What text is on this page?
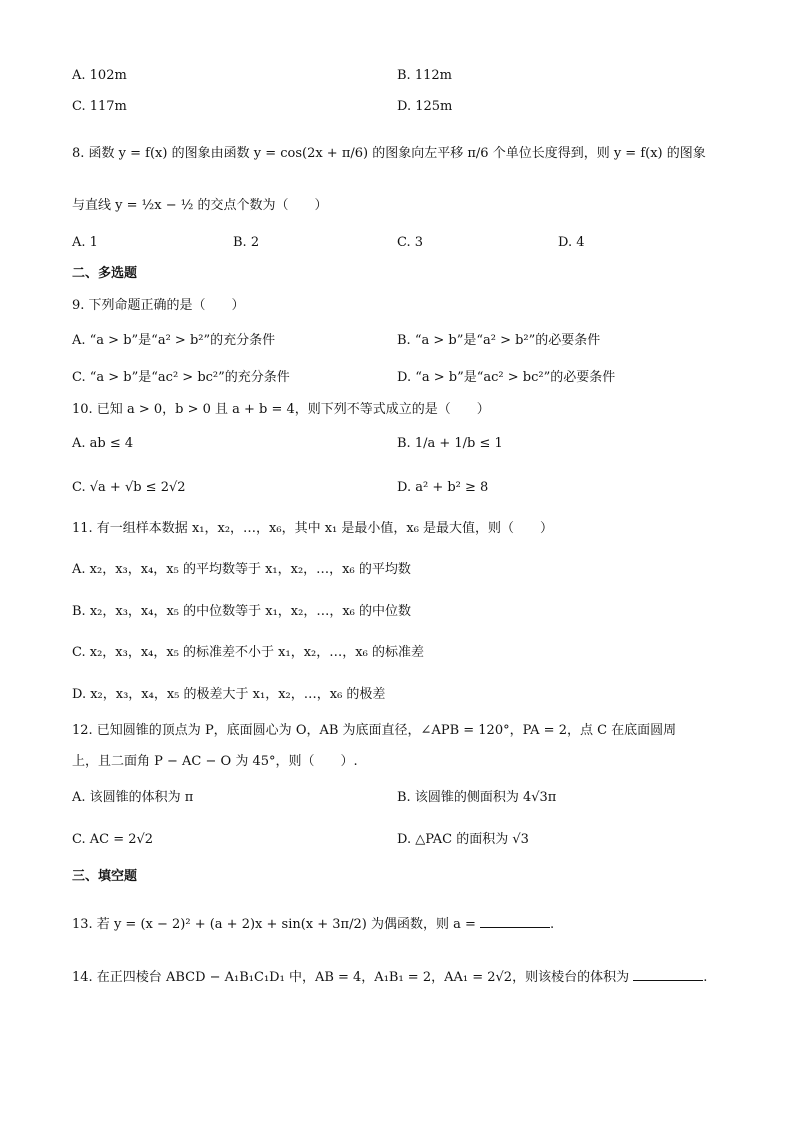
A. 102m	B. 112m
C. 117m	D. 125m
8. 函数 y = f(x) 的图象由函数 y = cos(2x + π/6) 的图象向左平移 π/6 个单位长度得到，则 y = f(x) 的图象
与直线 y = ½x − ½ 的交点个数为（　　）
A. 1	B. 2	C. 3	D. 4
二、多选题
9. 下列命题正确的是（　　）
A. “a > b”是“a² > b²”的充分条件	B. “a > b”是“a² > b²”的必要条件
C. “a > b”是“ac² > bc²”的充分条件	D. “a > b”是“ac² > bc²”的必要条件
10. 已知 a > 0，b > 0 且 a + b = 4，则下列不等式成立的是（　　）
A. ab ≤ 4	B. 1/a + 1/b ≤ 1
C. √a + √b ≤ 2√2	D. a² + b² ≥ 8
11. 有一组样本数据 x₁，x₂，…，x₆，其中 x₁ 是最小值，x₆ 是最大值，则（　　）
A. x₂，x₃，x₄，x₅ 的平均数等于 x₁，x₂，…，x₆ 的平均数
B. x₂，x₃，x₄，x₅ 的中位数等于 x₁，x₂，…，x₆ 的中位数
C. x₂，x₃，x₄，x₅ 的标准差不小于 x₁，x₂，…，x₆ 的标准差
D. x₂，x₃，x₄，x₅ 的极差大于 x₁，x₂，…，x₆ 的极差
12. 已知圆锥的顶点为 P，底面圆心为 O，AB 为底面直径，∠APB = 120°，PA = 2，点 C 在底面圆周
上，且二面角 P − AC − O 为 45°，则（　　）.
A. 该圆锥的体积为 π	B. 该圆锥的侧面积为 4√3π
C. AC = 2√2	D. △PAC 的面积为 √3
三、填空题
13. 若 y = (x − 2)² + (a + 2)x + sin(x + 3π/2) 为偶函数，则 a =	.
14. 在正四棱台 ABCD − A₁B₁C₁D₁ 中，AB = 4，A₁B₁ = 2，AA₁ = 2√2，则该棱台的体积为	.
